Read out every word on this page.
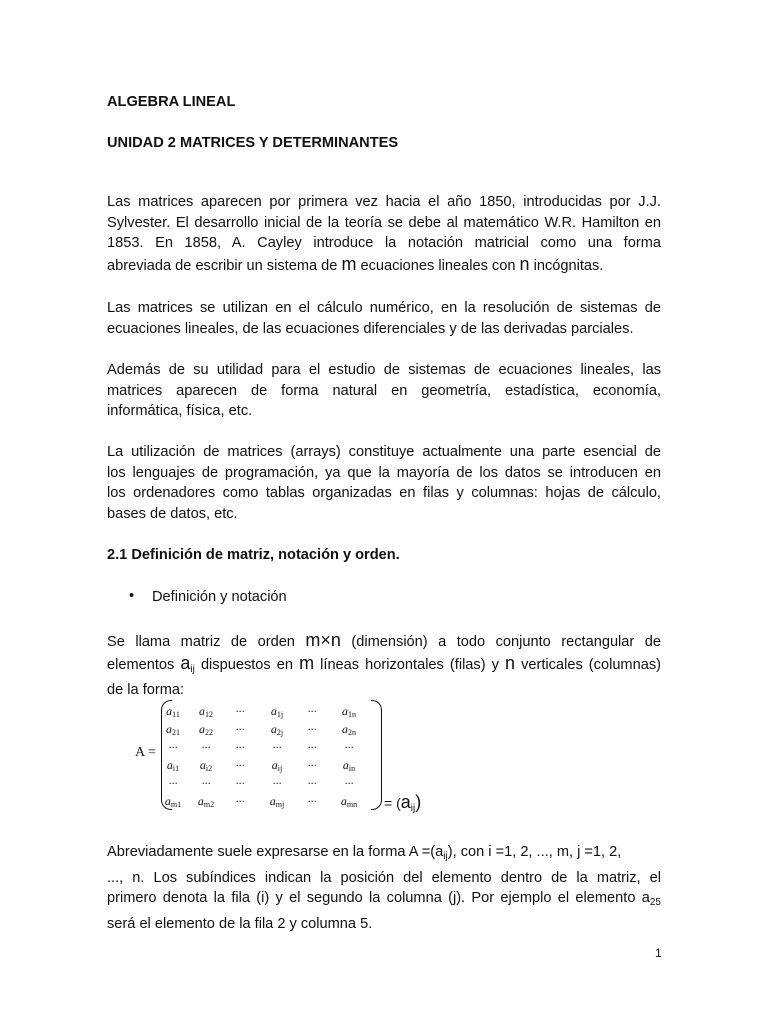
ALGEBRA LINEAL
UNIDAD 2 MATRICES Y DETERMINANTES
Las matrices aparecen por primera vez hacia el año 1850, introducidas por J.J.
Sylvester. El desarrollo inicial de la teoría se debe al matemático W.R. Hamilton en
1853. En 1858, A. Cayley introduce la notación matricial como una forma
abreviada de escribir un sistema de m ecuaciones lineales con n incógnitas.
Las matrices se utilizan en el cálculo numérico, en la resolución de sistemas de
ecuaciones lineales, de las ecuaciones diferenciales y de las derivadas parciales.
Además de su utilidad para el estudio de sistemas de ecuaciones lineales, las
matrices aparecen de forma natural en geometría, estadística, economía,
informática, física, etc.
La utilización de matrices (arrays) constituye actualmente una parte esencial de
los lenguajes de programación, ya que la mayoría de los datos se introducen en
los ordenadores como tablas organizadas en filas y columnas: hojas de cálculo,
bases de datos, etc.
2.1 Definición de matriz, notación y orden.
• Definición y notación
Se llama matriz de orden m×n (dimensión) a todo conjunto rectangular de
elementos $a_{ij}$ dispuestos en m líneas horizontales (filas) y n verticales (columnas)
de la forma:
1
Abreviadamente suele expresarse en la forma $A =(a_{ij})$, con i =1, 2, ..., m, j =1, 2,
..., n. Los subíndices indican la posición del elemento dentro de la matriz, el
primero denota la fila (i) y el segundo la columna (j). Por ejemplo el elemento $a_{25}$
será el elemento de la fila 2 y columna 5.
A =
a11	a12	···	a1j	···	a1n
a21	a22	···	a2j	···	a2n
···	···	···	···	···	···
ai1	ai2	···	aij	···	ain
···	···	···	···	···	···
am1	am2	···	amj	···	amn	= $(a_{ij})$
